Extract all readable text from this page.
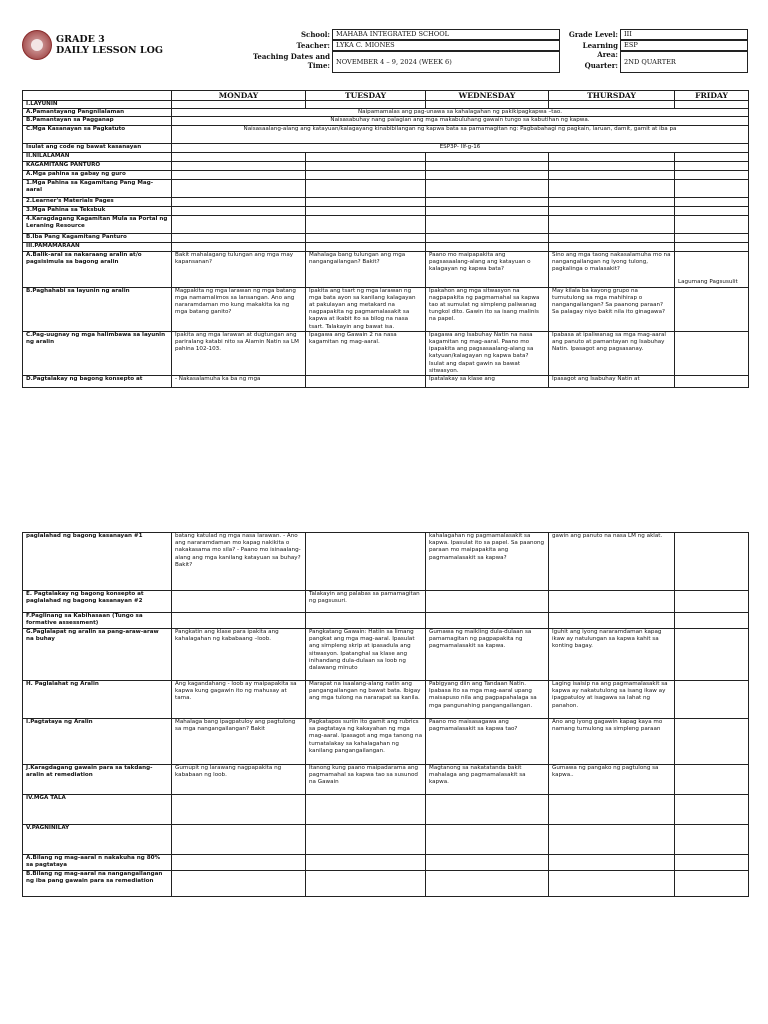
GRADE 3
DAILY LESSON LOG
School: MAHABA INTEGRATED SCHOOL
Teacher: LYKA C. MIONES
Teaching Dates and
Time: NOVEMBER 4 – 9, 2024 (WEEK 6)
Grade Level: III
Learning Area:
ESP
Quarter: 2ND QUARTER
	MONDAY	TUESDAY	WEDNESDAY	THURSDAY	FRIDAY
I.LAYUNIN					
A.Pamantayang Pangnilalaman	Naipamamalas ang pag-unawa sa kahalagahan ng pakikipagkapwa –tao.				
B.Pamantayan sa Pagganap	Naisasabuhay nang palagian ang mga makabuluhang gawain tungo sa kabutihan ng kapwa.				
C.Mga Kasanayan sa Pagkatuto	Naisasaalang-alang ang katayuan/kalagayang kinabibilangan ng kapwa bata sa pamamagitan ng: Pagbabahagi ng pagkain, laruan, damit, gamit at iba pa				
Isulat ang code ng bawat kasanayan	ESP3P- IIf-g-16				
II.NILALAMAN					
KAGAMITANG PANTURO					
A.Mga pahina sa gabay ng guro					
1.Mga Pahina sa Kagamitang Pang Mag-aaral					
2.Learner's Materials Pages					
3.Mga Pahina sa Teksbuk					
4.Karagdagang Kagamitan Mula sa Portal ng Leraning Resource					
B.Iba Pang Kagamitang Panturo					
III.PAMAMARAAN					
A.Balik-aral sa nakaraang aralin at/o pagsisimula sa bagong aralin	Bakit mahalagang tulungan ang mga may kapansanan?	Mahalaga bang tulungan ang mga nangangailangan? Bakit?	Paano mo maipapakita ang pagsasaalang-alang ang katayuan o kalagayan ng kapwa bata?	Sino ang mga taong nakasalamuha mo na nangangailangan ng iyong tulong, pagkalinga o malasakit?	Lagumang Pagsusulit
B.Paghahabi sa layunin ng aralin	Magpakita ng mga larawan ng mga batang mga namamalimos sa lansangan. Ano ang nararamdaman mo kung makakita ka ng mga batang ganito?	Ipakita ang tsart ng mga larawan ng mga bata ayon sa kanilang kalagayan at pakulayan ang metakard na nagpapakita ng pagmamalasakit sa kapwa at ikabit ito sa bilog na nasa tsart. Talakayin ang bawat isa.	Ipakahon ang mga sitwasyon na nagpapakita ng pagmamahal sa kapwa tao at sumulat ng simpleng paliwanag tungkol dito. Gawin ito sa isang malinis na papel.	May kilala ba kayong grupo na tumutulong sa mga mahihirap o nangangailangan? Sa paanong paraan? Sa palagay niyo bakit nila ito ginagawa?	
C.Pag-uugnay ng mga halimbawa sa layunin ng aralin	Ipakita ang mga larawan at dugtungan ang pariralang katabi nito sa Alamin Natin sa LM pahina 102-103.	Ipagawa ang Gawain 2 na nasa kagamitan ng mag-aaral.	Ipagawa ang Isabuhay Natin na nasa kagamitan ng mag-aaral. Paano mo ipapakita ang pagsasaalang-alang sa katyuan/kalagayan ng kapwa bata? Isulat ang dapat gawin sa bawat sitwasyon.	Ipabasa at ipaliwanag sa mga mag-aaral ang panuto at pamantayan ng Isabuhay Natin. Ipasagot ang pagsasanay.	
D.Pagtalakay ng bagong konsepto at	- Nakasalamuha ka ba ng mga		Ipatalakay sa klase ang	Ipasagot ang Isabuhay Natin at	
paglalahad ng bagong kasanayan #1	batang katulad ng mga nasa larawan. - Ano ang nararamdaman mo kapag nakikita o nakakasama mo sila? - Paano mo isinaalang-alang ang mga kanilang katayuan sa buhay? Bakit?		kahalagahan ng pagmamalasakit sa kapwa. Ipasulat ito sa papel. Sa paanong paraan mo maipapakita ang pagmamalasakit sa kapwa?	gawin ang panuto na nasa LM ng aklat.	
E. Pagtalakay ng bagong konsepto at paglalahad ng bagong kasanayan #2		Talakayin ang palabas sa pamamagitan ng pagsusuri.			
F.Paglinang sa Kabihasaan (Tungo sa formative assessment)					
G.Paglalapat ng aralin sa pang-araw-araw na buhay	Pangkatin ang klase para ipakita ang kahalagahan ng kababaang –loob.	Pangkatang Gawain: Hatiin sa limang pangkat ang mga mag-aaral. Ipasulat ang simpleng skrip at ipasadula ang sitwasyon. Ipatanghal sa klase ang inihandang dula-dulaan sa loob ng dalawang minuto	Gumawa ng maikling dula-dulaan sa pamamagitan ng pagpapakita ng pagmamalasakit sa kapwa.	Iguhit ang iyong nararamdaman kapag ikaw ay natulungan sa kapwa kahit sa konting bagay.	
H. Paglalahat ng Aralin	Ang kagandahang - loob ay maipapakita sa kapwa kung gagawin ito ng mahusay at tama.	Marapat na isaalang-alang natin ang pangangailangan ng bawat bata. Ibigay ang mga tulong na nararapat sa kanila.	Pabigyang diin ang Tandaan Natin. Ipabasa ito sa mga mag-aaral upang maisapuso nila ang pagpapahalaga sa mga pangunahing pangangailangan.	Laging isaisip na ang pagmamalasakit sa kapwa ay nakatutulong sa isang ikaw ay ipagpatuloy at isagawa sa lahat ng panahon.	
I.Pagtataya ng Aralin	Mahalaga bang ipagpatuloy ang pagtulong sa mga nangangailangan? Bakit	Pagkatapos suriin ito gamit ang rubrics sa pagtataya ng kakayahan ng mga mag-aaral. Ipasagot ang mga tanong na tumatalakay sa kahalagahan ng kanilang pangangailangan.	Paano mo maisasagawa ang pagmamalasakit sa kapwa tao?	Ano ang iyong gagawin kapag kaya mo namang tumulong sa simpleng paraan	
J.Karagdagang gawain para sa takdang-aralin at remediation	Gumupit ng larawang nagpapakita ng kababaan ng loob.	Itanong kung paano maipadarama ang pagmamahal sa kapwa tao sa susunod na Gawain	Magtanong sa nakatatanda bakit mahalaga ang pagmamalasakit sa kapwa.	Gumawa ng pangako ng pagtulong sa kapwa..	
IV.MGA TALA					
V.PAGNINILAY					
A.Bilang ng mag-aaral n nakakuha ng 80% sa pagtataya					
B.Bilang ng mag-aaral na nangangailangan ng iba pang gawain para sa remediation					
